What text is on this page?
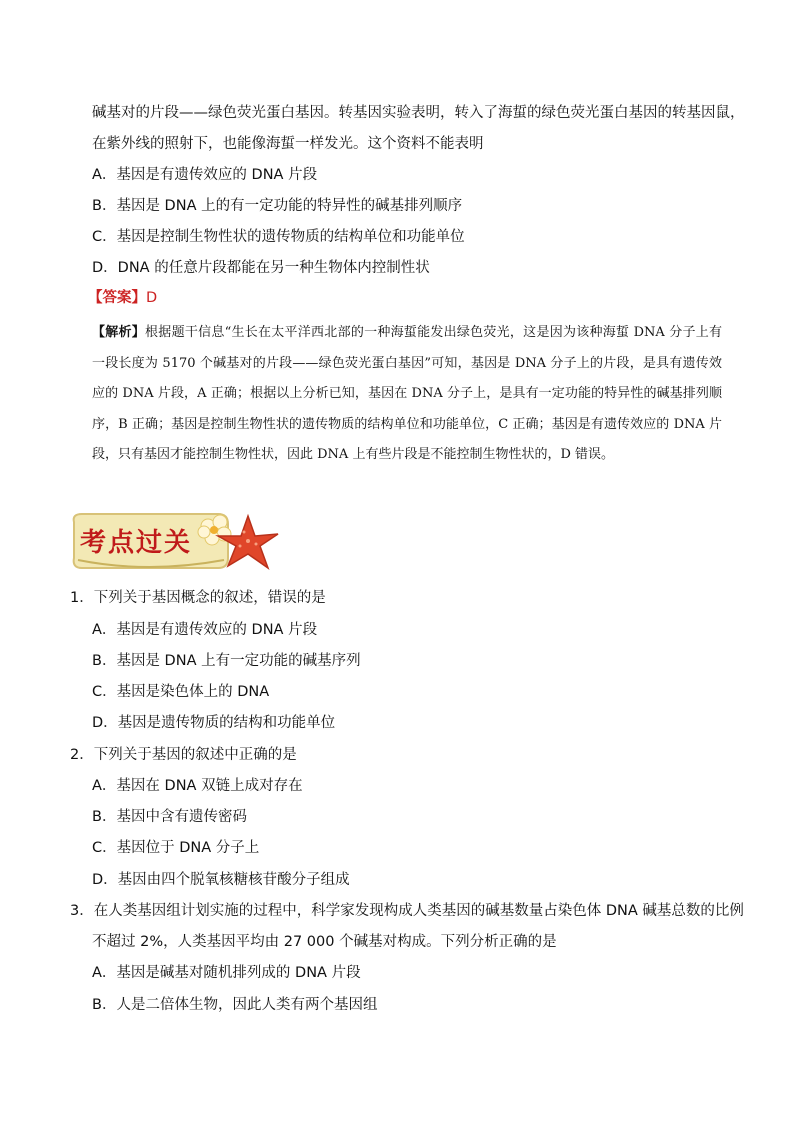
碱基对的片段——绿色荧光蛋白基因。转基因实验表明，转入了海蜇的绿色荧光蛋白基因的转基因鼠，
在紫外线的照射下，也能像海蜇一样发光。这个资料不能表明
A．基因是有遗传效应的 DNA 片段
B．基因是 DNA 上的有一定功能的特异性的碱基排列顺序
C．基因是控制生物性状的遗传物质的结构单位和功能单位
D．DNA 的任意片段都能在另一种生物体内控制性状
【答案】D
【解析】根据题干信息“生长在太平洋西北部的一种海蜇能发出绿色荧光，这是因为该种海蜇 DNA 分子上有一段长度为 5170 个碱基对的片段——绿色荧光蛋白基因”可知，基因是 DNA 分子上的片段，是具有遗传效应的 DNA 片段，A 正确；根据以上分析已知，基因在 DNA 分子上，是具有一定功能的特异性的碱基排列顺序，B 正确；基因是控制生物性状的遗传物质的结构单位和功能单位，C 正确；基因是有遗传效应的 DNA 片段，只有基因才能控制生物性状，因此 DNA 上有些片段是不能控制生物性状的，D 错误。
考点过关
1．下列关于基因概念的叙述，错误的是
A．基因是有遗传效应的 DNA 片段
B．基因是 DNA 上有一定功能的碱基序列
C．基因是染色体上的 DNA
D．基因是遗传物质的结构和功能单位
2．下列关于基因的叙述中正确的是
A．基因在 DNA 双链上成对存在
B．基因中含有遗传密码
C．基因位于 DNA 分子上
D．基因由四个脱氧核糖核苷酸分子组成
3．在人类基因组计划实施的过程中，科学家发现构成人类基因的碱基数量占染色体 DNA 碱基总数的比例
不超过 2%，人类基因平均由 27 000 个碱基对构成。下列分析正确的是
A．基因是碱基对随机排列成的 DNA 片段
B．人是二倍体生物，因此人类有两个基因组
